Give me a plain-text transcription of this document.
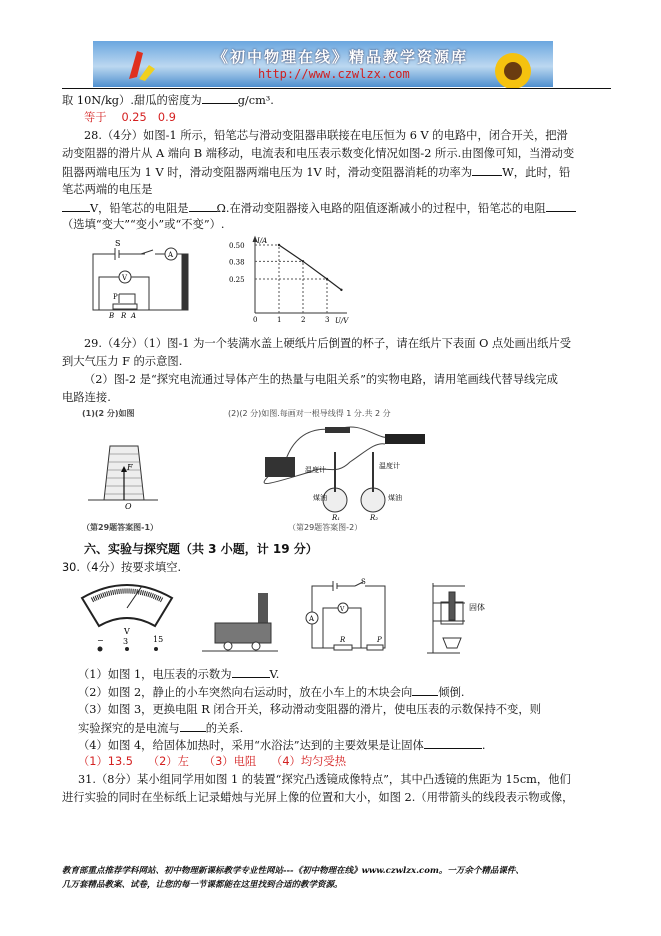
《初中物理在线》精品教学资源库
http://www.czwlzx.com
取 10N/kg）.甜瓜的密度为	g/cm³.
等于　 0.25　0.9
28.（4分）如图-1 所示，铅笔芯与滑动变阻器串联接在电压恒为 6 V 的电路中，闭合开关，把滑
动变阻器的滑片从 A 端向 B 端移动，电流表和电压表示数变化情况如图-2 所示.由图像可知，当滑动变
阻器两端电压为 1 V 时，滑动变阻器两端电压为 1V 时，滑动变阻器消耗的功率为	W，此时，铅
笔芯两端的电压是
V，铅笔芯的电阻是 Ω.在滑动变阻器接入电路的阻值逐渐减小的过程中，铅笔芯的电阻
（选填“变大”“变小”或“不变”）.
S
A
V
P
B R A
I/A
U/V
0.25
0.38
0.50
0	1	2	3
29.（4分）（1）图-1 为一个装满水盖上硬纸片后倒置的杯子，请在纸片下表面 O 点处画出纸片受
到大气压力 F 的示意图.
（2）图-2 是“探究电流通过导体产生的热量与电阻关系”的实物电路，请用笔画线代替导线完成
电路连接.
(1)(2 分)如图	(2)(2 分)如图.每画对一根导线得 1 分.共 2 分
F
O
（第29题答案图-1）
温度计	温度计
煤油	煤油
R₁	R₂
（第29题答案图-2）
六、实验与探究题（共 3 小题，计 19 分）
30.（4分）按要求填空.
V
− 3	15
S
A
V
R	P
固体
（1）如图 1，电压表的示数为	V.
（2）如图 2，静止的小车突然向右运动时，放在小车上的木块会向 倾倒.
（3）如图 3，更换电阻 R 闭合开关，移动滑动变阻器的滑片，使电压表的示数保持不变，则
实验探究的是电流与 的关系.
（4）如图 4，给固体加热时，采用“水浴法”达到的主要效果是让固体	.
（1）13.5　 （2）左　 （3）电阻　 （4）均匀受热
31.（8分）某小组同学用如图 1 的装置“探究凸透镜成像特点”，其中凸透镜的焦距为 15cm，他们
进行实验的同时在坐标纸上记录蜡烛与光屏上像的位置和大小，如图 2.（用带箭头的线段表示物或像，
教育部重点推荐学科网站、初中物理新课标教学专业性网站---《初中物理在线》www.czwlzx.com。一万余个精品课件、
几万套精品教案、试卷，让您的每一节课都能在这里找到合适的教学资源。
